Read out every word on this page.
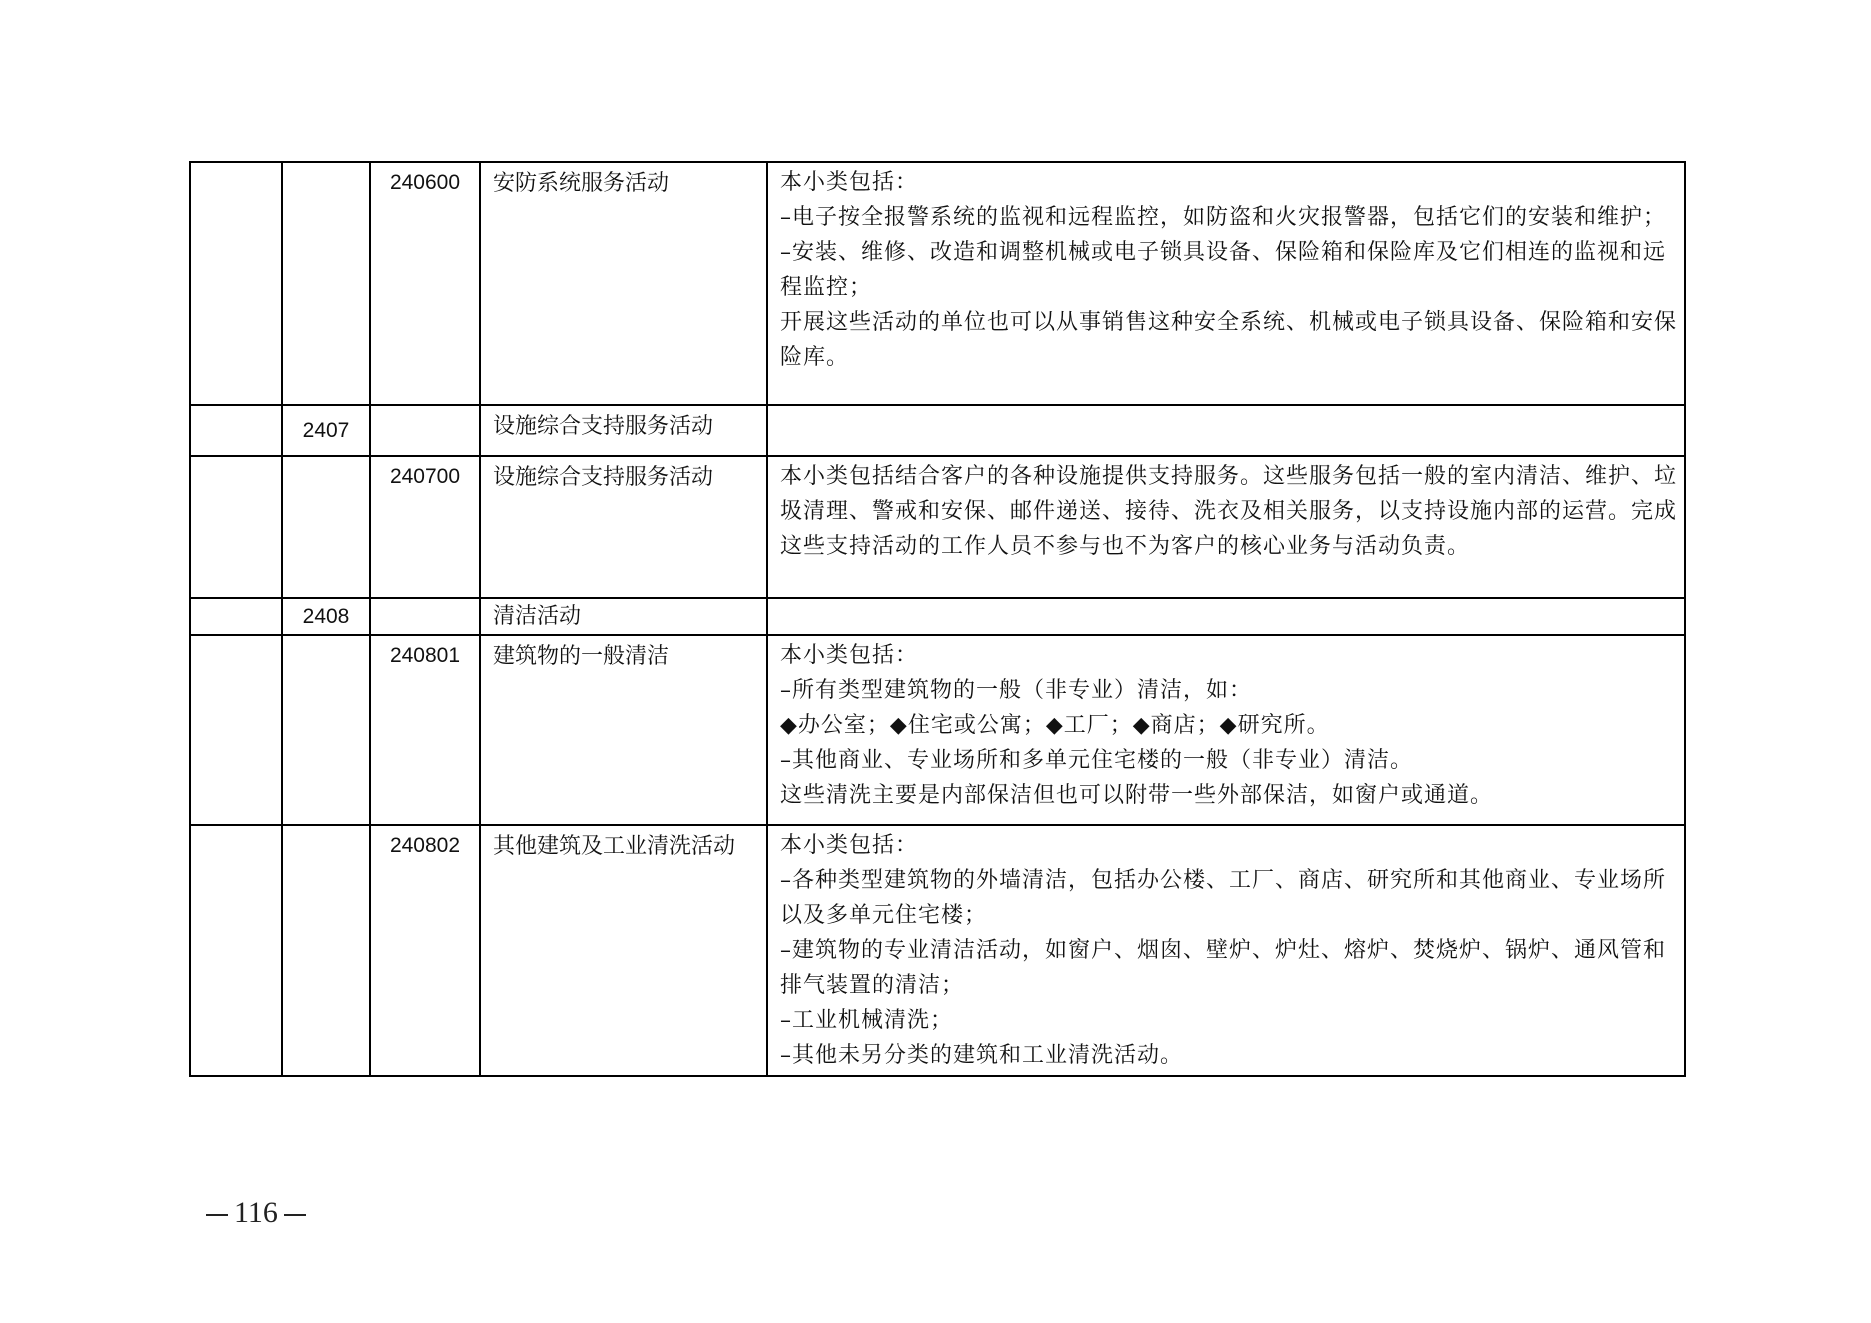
		240600	安防系统服务活动	本小类包括：
–电子按全报警系统的监视和远程监控，如防盗和火灾报警器，包括它们的安装和维护；
–安装、维修、改造和调整机械或电子锁具设备、保险箱和保险库及它们相连的监视和远程监控；
开展这些活动的单位也可以从事销售这种安全系统、机械或电子锁具设备、保险箱和安保险库。

	2407		设施综合支持服务活动	
		240700	设施综合支持服务活动	本小类包括结合客户的各种设施提供支持服务。这些服务包括一般的室内清洁、维护、垃圾清理、警戒和安保、邮件递送、接待、洗衣及相关服务，以支持设施内部的运营。完成这些支持活动的工作人员不参与也不为客户的核心业务与活动负责。

	2408		清洁活动	
		240801	建筑物的一般清洁	本小类包括：
–所有类型建筑物的一般（非专业）清洁，如：
◆办公室；◆住宅或公寓；◆工厂；◆商店；◆研究所。
–其他商业、专业场所和多单元住宅楼的一般（非专业）清洁。
这些清洗主要是内部保洁但也可以附带一些外部保洁，如窗户或通道。

		240802	其他建筑及工业清洗活动	本小类包括：
–各种类型建筑物的外墙清洁，包括办公楼、工厂、商店、研究所和其他商业、专业场所以及多单元住宅楼；
–建筑物的专业清洁活动，如窗户、烟囱、壁炉、炉灶、熔炉、焚烧炉、锅炉、通风管和排气装置的清洁；
–工业机械清洗；
–其他未另分类的建筑和工业清洗活动。
116
